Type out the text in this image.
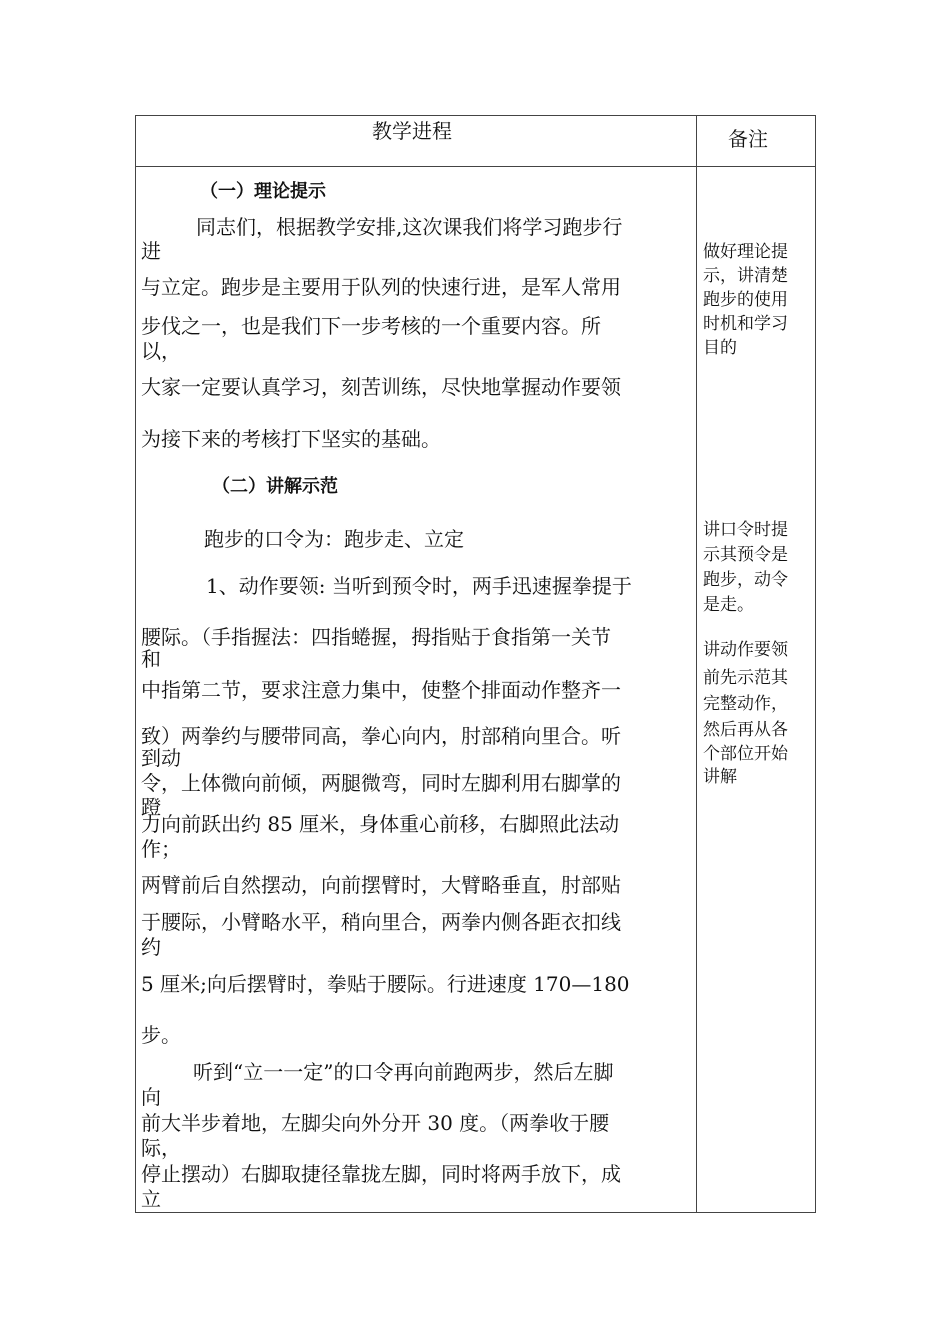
教学进程	备注
（一）理论提示
同志们，根据教学安排,这次课我们将学习跑步行
进
与立定。跑步是主要用于队列的快速行进，是军人常用
步伐之一，也是我们下一步考核的一个重要内容。所
以，
大家一定要认真学习，刻苦训练，尽快地掌握动作要领
为接下来的考核打下坚实的基础。
（二）讲解示范
跑步的口令为：跑步走、立定
1、动作要领: 当听到预令时，两手迅速握拳提于
腰际。（手指握法：四指蜷握，拇指贴于食指第一关节
和
中指第二节，要求注意力集中，使整个排面动作整齐一
致）两拳约与腰带同高，拳心向内，肘部稍向里合。听
到动
令，上体微向前倾，两腿微弯，同时左脚利用右脚掌的
蹬
力向前跃出约 85 厘米，身体重心前移，右脚照此法动
作；
两臂前后自然摆动，向前摆臂时，大臂略垂直，肘部贴
于腰际，小臂略水平，稍向里合，两拳内侧各距衣扣线
约
5 厘米;向后摆臂时，拳贴于腰际。行进速度 170—180
步。
听到“立一一定”的口令再向前跑两步，然后左脚
向
前大半步着地，左脚尖向外分开 30 度。（两拳收于腰
际，
停止摆动）右脚取捷径靠拢左脚，同时将两手放下，成
立
做好理论提
示，讲清楚
跑步的使用
时机和学习
目的
讲口令时提
示其预令是
跑步，动令
是走。
讲动作要领
前先示范其
完整动作，
然后再从各
个部位开始
讲解
